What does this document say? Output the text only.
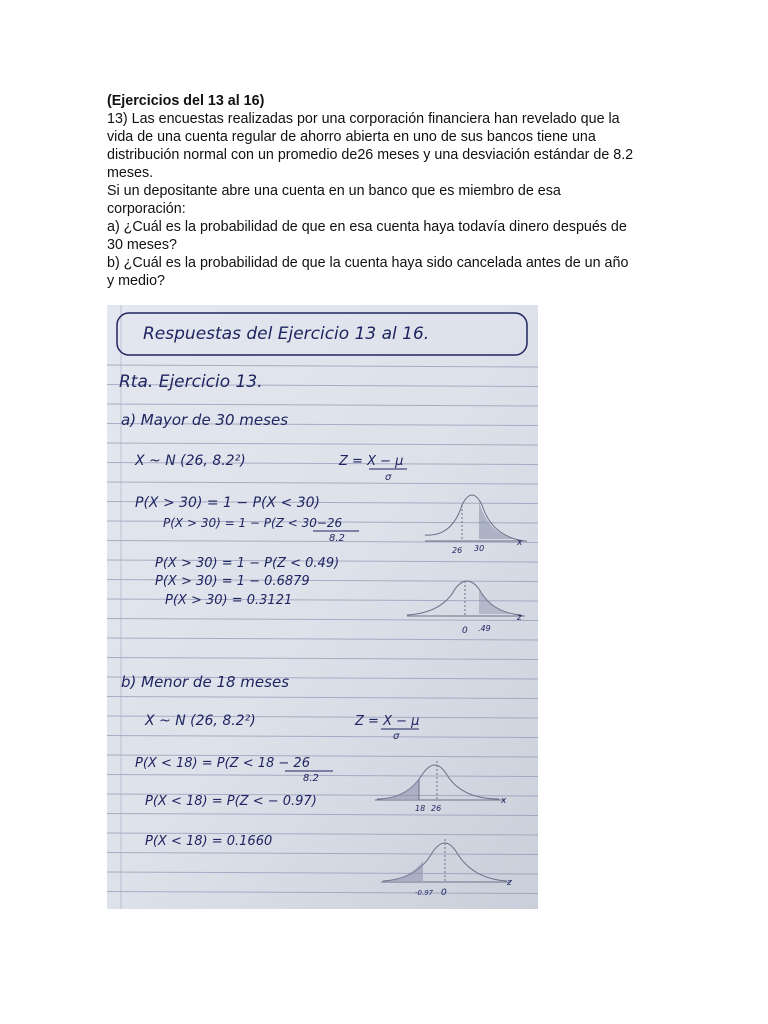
(Ejercicios del 13 al 16)

13) Las encuestas realizadas por una corporación financiera han revelado que la

vida de una cuenta regular de ahorro abierta en uno de sus bancos tiene una

distribución normal con un promedio de26 meses y una desviación estándar de 8.2

meses.

Si un depositante abre una cuenta en un banco que es miembro de esa

corporación:

a) ¿Cuál es la probabilidad de que en esa cuenta haya todavía dinero después de

30 meses?

b) ¿Cuál es la probabilidad de que la cuenta haya sido cancelada antes de un año

y medio?

Respuestas del Ejercicio 13 al 16.
Rta. Ejercicio 13.
a) Mayor de 30 meses
X ~ N (26, 8.2²)	Z = X − μ
σ
P(X > 30) = 1 − P(X < 30)
P(X > 30) = 1 − P(Z < 30−26
8.2
P(X > 30) = 1 − P(Z < 0.49)
P(X > 30) = 1 − 0.6879
P(X > 30) = 0.3121
26 30
x
0 .49
z
b) Menor de 18 meses
X ~ N (26, 8.2²)	Z = X − μ
σ
P(X < 18) = P(Z < 18 − 26
8.2
P(X < 18) = P(Z < − 0.97)
P(X < 18) = 0.1660
18 26
x
-0.97 0
z
